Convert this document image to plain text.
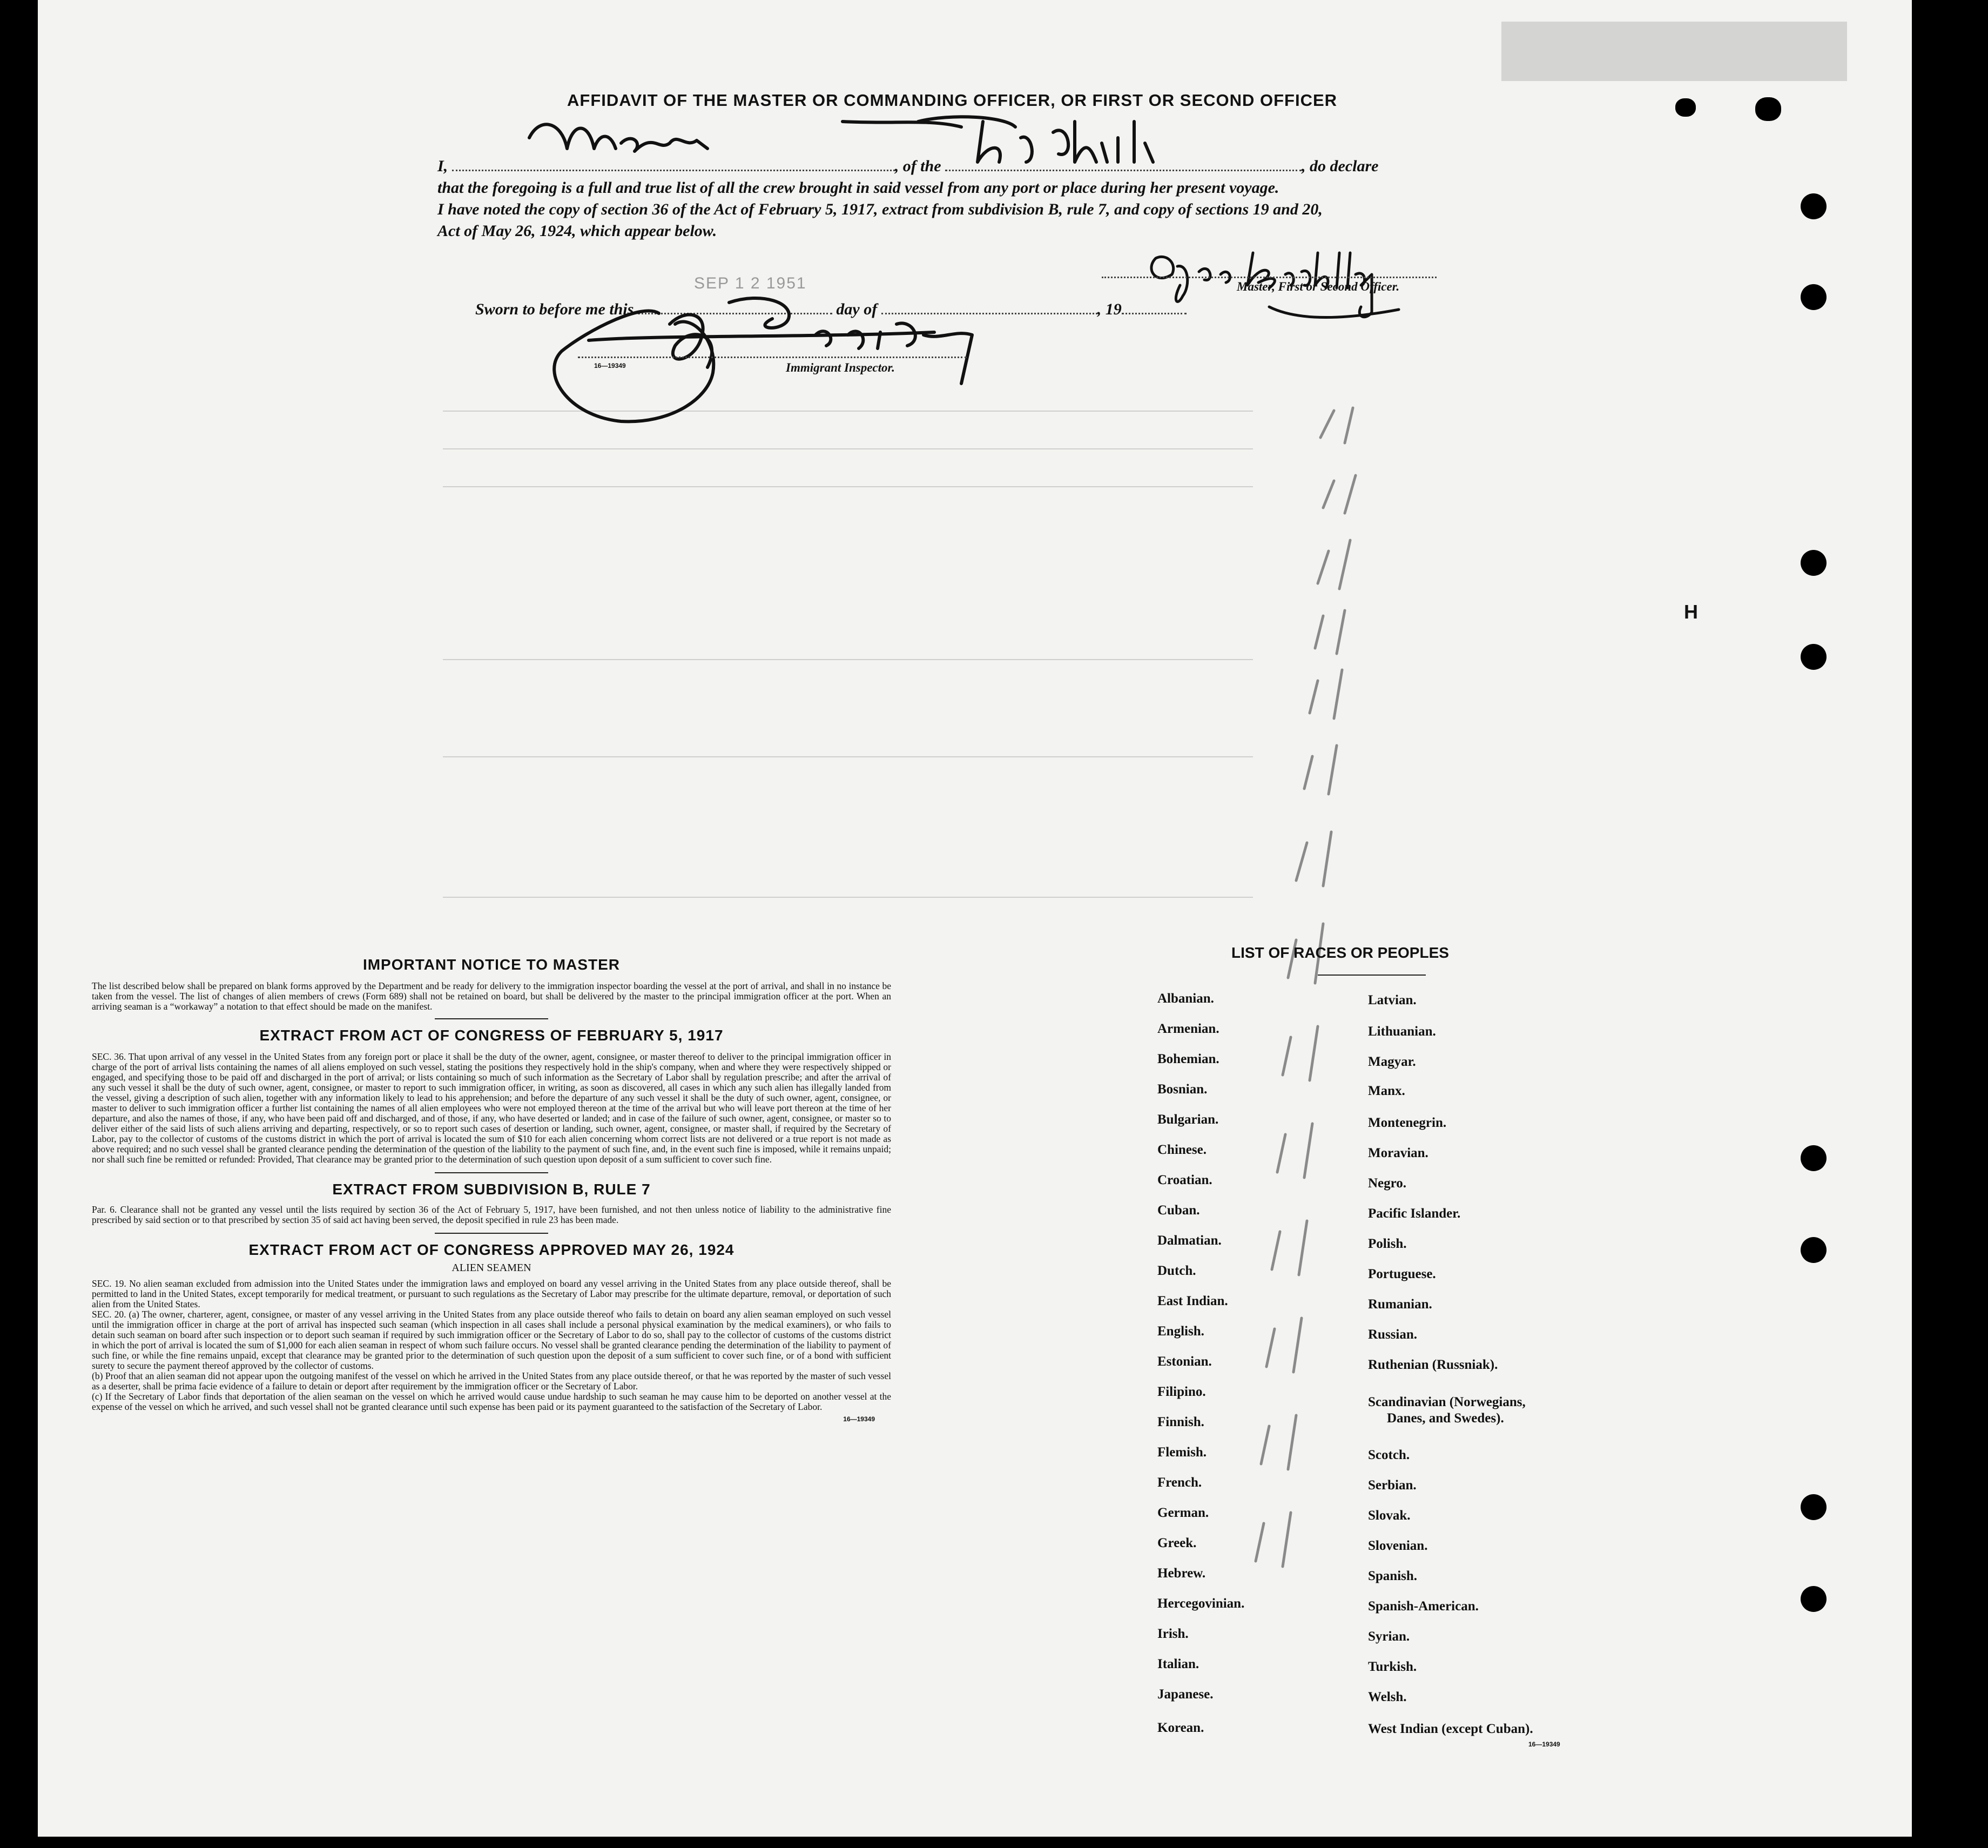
H
AFFIDAVIT OF THE MASTER OR COMMANDING OFFICER, OR FIRST OR SECOND OFFICER
I,	, of the	, do declare
that the foregoing is a full and true list of all the crew brought in said vessel from any port or place during her present voyage.
I have noted the copy of section 36 of the Act of February 5, 1917, extract from subdivision B, rule 7, and copy of sections 19 and 20,
Act of May 26, 1924, which appear below.
Master, First or Second Officer.
SEP 1 2 1951
Sworn to before me this	day of	, 19
16—19349	Immigrant Inspector.

IMPORTANT NOTICE TO MASTER

The list described below shall be prepared on blank forms approved by the Department and be ready for delivery to the immigration inspector boarding the vessel at the port of arrival, and shall in no instance be taken from the vessel. The list of changes of alien members of crews (Form 689) shall not be retained on board, but shall be delivered by the master to the principal immigration officer at the port. When an arriving seaman is a “workaway” a notation to that effect should be made on the manifest.

EXTRACT FROM ACT OF CONGRESS OF FEBRUARY 5, 1917

SEC. 36. That upon arrival of any vessel in the United States from any foreign port or place it shall be the duty of the owner, agent, consignee, or master thereof to deliver to the principal immigration officer in charge of the port of arrival lists containing the names of all aliens employed on such vessel, stating the positions they respectively hold in the ship's company, when and where they were respectively shipped or engaged, and specifying those to be paid off and discharged in the port of arrival; or lists containing so much of such information as the Secretary of Labor shall by regulation prescribe; and after the arrival of any such vessel it shall be the duty of such owner, agent, consignee, or master to report to such immigration officer, in writing, as soon as discovered, all cases in which any such alien has illegally landed from the vessel, giving a description of such alien, together with any information likely to lead to his apprehension; and before the departure of any such vessel it shall be the duty of such owner, agent, consignee, or master to deliver to such immigration officer a further list containing the names of all alien employees who were not employed thereon at the time of the arrival but who will leave port thereon at the time of her departure, and also the names of those, if any, who have been paid off and discharged, and of those, if any, who have deserted or landed; and in case of the failure of such owner, agent, consignee, or master so to deliver either of the said lists of such aliens arriving and departing, respectively, or so to report such cases of desertion or landing, such owner, agent, consignee, or master shall, if required by the Secretary of Labor, pay to the collector of customs of the customs district in which the port of arrival is located the sum of $10 for each alien concerning whom correct lists are not delivered or a true report is not made as above required; and no such vessel shall be granted clearance pending the determination of the question of the liability to the payment of such fine, and, in the event such fine is imposed, while it remains unpaid; nor shall such fine be remitted or refunded: Provided, That clearance may be granted prior to the determination of such question upon deposit of a sum sufficient to cover such fine.

EXTRACT FROM SUBDIVISION B, RULE 7

Par. 6. Clearance shall not be granted any vessel until the lists required by section 36 of the Act of February 5, 1917, have been furnished, and not then unless notice of liability to the administrative fine prescribed by said section or to that prescribed by section 35 of said act having been served, the deposit specified in rule 23 has been made.

EXTRACT FROM ACT OF CONGRESS APPROVED MAY 26, 1924

ALIEN SEAMEN

SEC. 19. No alien seaman excluded from admission into the United States under the immigration laws and employed on board any vessel arriving in the United States from any place outside thereof, shall be permitted to land in the United States, except temporarily for medical treatment, or pursuant to such regulations as the Secretary of Labor may prescribe for the ultimate departure, removal, or deportation of such alien from the United States.

SEC. 20. (a) The owner, charterer, agent, consignee, or master of any vessel arriving in the United States from any place outside thereof who fails to detain on board any alien seaman employed on such vessel until the immigration officer in charge at the port of arrival has inspected such seaman (which inspection in all cases shall include a personal physical examination by the medical examiners), or who fails to detain such seaman on board after such inspection or to deport such seaman if required by such immigration officer or the Secretary of Labor to do so, shall pay to the collector of customs of the customs district in which the port of arrival is located the sum of $1,000 for each alien seaman in respect of whom such failure occurs. No vessel shall be granted clearance pending the determination of the liability to payment of such fine, or while the fine remains unpaid, except that clearance may be granted prior to the determination of such question upon the deposit of a sum sufficient to cover such fine, or of a bond with sufficient surety to secure the payment thereof approved by the collector of customs.

(b) Proof that an alien seaman did not appear upon the outgoing manifest of the vessel on which he arrived in the United States from any place outside thereof, or that he was reported by the master of such vessel as a deserter, shall be prima facie evidence of a failure to detain or deport after requirement by the immigration officer or the Secretary of Labor.

(c) If the Secretary of Labor finds that deportation of the alien seaman on the vessel on which he arrived would cause undue hardship to such seaman he may cause him to be deported on another vessel at the expense of the vessel on which he arrived, and such vessel shall not be granted clearance until such expense has been paid or its payment guaranteed to the satisfaction of the Secretary of Labor.

16—19349
LIST OF RACES OR PEOPLES
Albanian.
Armenian.
Bohemian.
Bosnian.
Bulgarian.
Chinese.
Croatian.
Cuban.
Dalmatian.
Dutch.
East Indian.
English.
Estonian.
Filipino.
Finnish.
Flemish.
French.
German.
Greek.
Hebrew.
Hercegovinian.
Irish.
Italian.
Japanese.
Korean.
Latvian.
Lithuanian.
Magyar.
Manx.
Montenegrin.
Moravian.
Negro.
Pacific Islander.
Polish.
Portuguese.
Rumanian.
Russian.
Ruthenian (Russniak).
Scandinavian (Norwegians,
Danes, and Swedes).
Scotch.
Serbian.
Slovak.
Slovenian.
Spanish.
Spanish-American.
Syrian.
Turkish.
Welsh.
West Indian (except Cuban).
16—19349
